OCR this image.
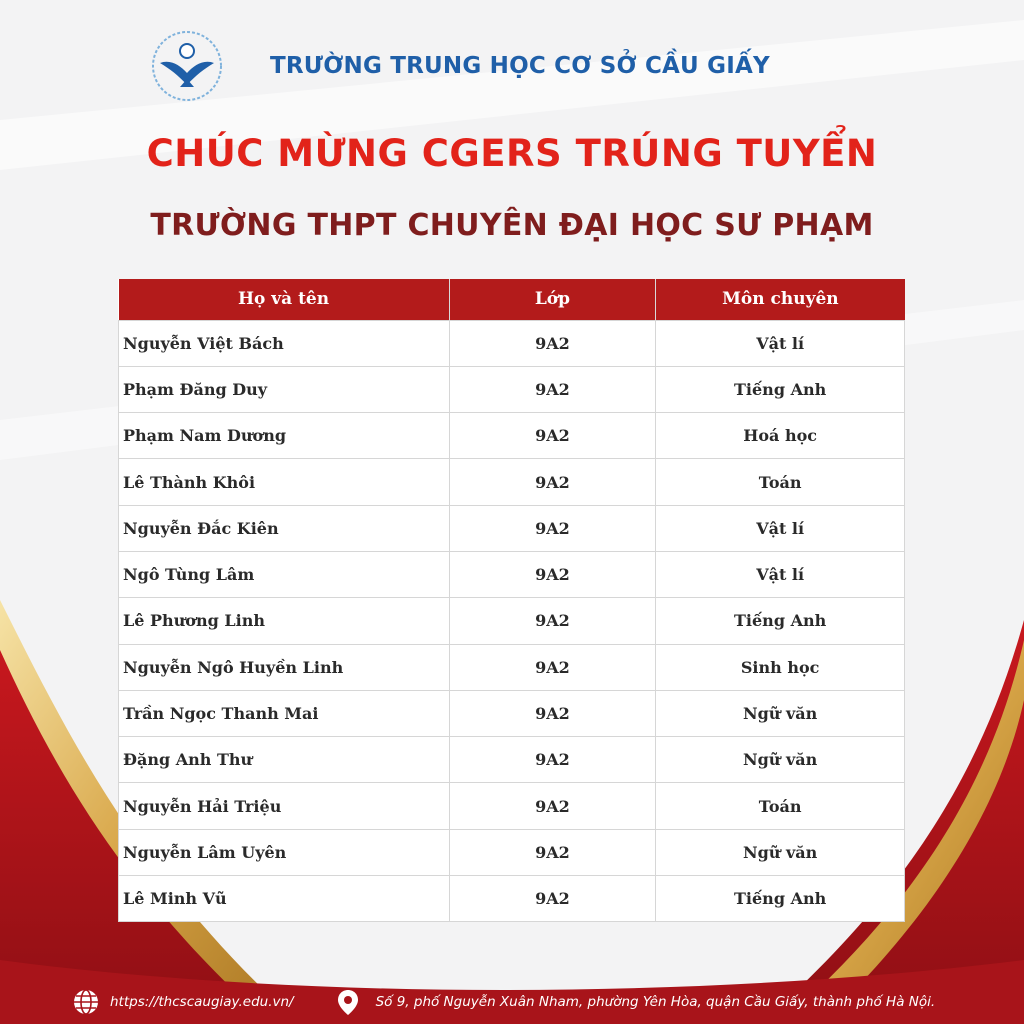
TRƯỜNG TRUNG HỌC CƠ SỞ CẦU GIẤY
CHÚC MỪNG CGERS TRÚNG TUYỂN
TRƯỜNG THPT CHUYÊN ĐẠI HỌC SƯ PHẠM
Họ và tên	Lớp	Môn chuyên
Nguyễn Việt Bách	9A2	Vật lí
Phạm Đăng Duy	9A2	Tiếng Anh
Phạm Nam Dương	9A2	Hoá học
Lê Thành Khôi	9A2	Toán
Nguyễn Đắc Kiên	9A2	Vật lí
Ngô Tùng Lâm	9A2	Vật lí
Lê Phương Linh	9A2	Tiếng Anh
Nguyễn Ngô Huyền Linh	9A2	Sinh học
Trần Ngọc Thanh Mai	9A2	Ngữ văn
Đặng Anh Thư	9A2	Ngữ văn
Nguyễn Hải Triệu	9A2	Toán
Nguyễn Lâm Uyên	9A2	Ngữ văn
Lê Minh Vũ	9A2	Tiếng Anh
https://thcscaugiay.edu.vn/	Số 9, phố Nguyễn Xuân Nham, phường Yên Hòa, quận Cầu Giấy, thành phố Hà Nội.
